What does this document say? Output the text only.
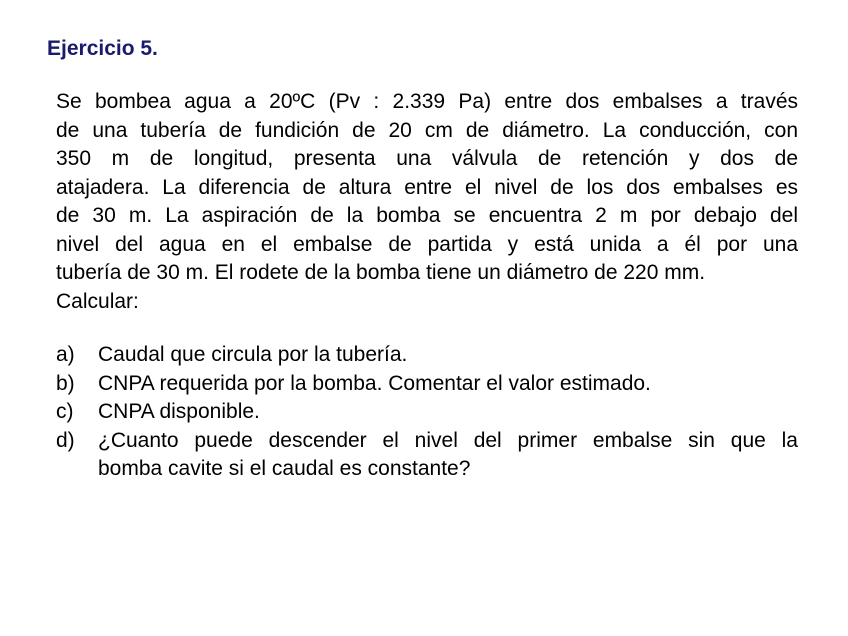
Ejercicio 5.
Se bombea agua a 20ºC (Pv : 2.339 Pa) entre dos embalses a través
de una tubería de fundición de 20 cm de diámetro. La conducción, con
350 m de longitud, presenta una válvula de retención y dos de
atajadera. La diferencia de altura entre el nivel de los dos embalses es
de 30 m. La aspiración de la bomba se encuentra 2 m por debajo del
nivel del agua en el embalse de partida y está unida a él por una
tubería de 30 m. El rodete de la bomba tiene un diámetro de 220 mm.
Calcular:
a) Caudal que circula por la tubería.
b) CNPA requerida por la bomba. Comentar el valor estimado.
c) CNPA disponible.
d) ¿Cuanto puede descender el nivel del primer embalse sin que la
bomba cavite si el caudal es constante?
